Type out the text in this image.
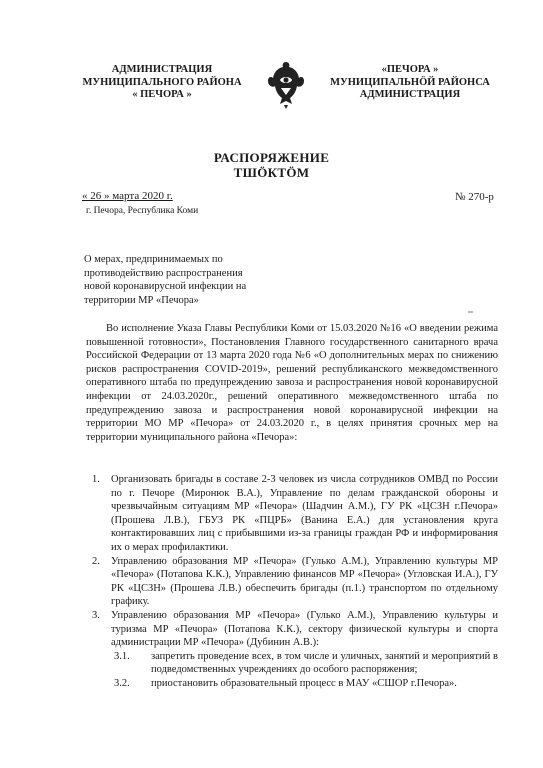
АДМИНИСТРАЦИЯ
МУНИЦИПАЛЬНОГО РАЙОНА
« ПЕЧОРА »
«ПЕЧОРА »
МУНИЦИПАЛЬНÖЙ РАЙОНСА
АДМИНИСТРАЦИЯ
РАСПОРЯЖЕНИЕ
ТШÖКТÖМ
« 26 » марта 2020 г.
г. Печора, Республика Коми
№ 270-р
О мерах, предпринимаемых по
противодействию распространения
новой коронавирусной инфекции на
территории МР «Печора»
Во исполнение Указа Главы Республики Коми от 15.03.2020 №16 «О введении режима повышенной готовности», Постановления Главного государственного санитарного врача Российской Федерации от 13 марта 2020 года №6 «О дополнительных мерах по снижению рисков распространения COVID-2019», решений республиканского межведомственного оперативного штаба по предупреждению завоза и распространения новой коронавирусной инфекции от 24.03.2020г., решений оперативного межведомственного штаба по предупреждению завоза и распространения новой коронавирусной инфекции на территории МО МР «Печора» от 24.03.2020 г., в целях принятия срочных мер на территории муниципального района «Печора»:
1. Организовать бригады в составе 2-3 человек из числа сотрудников ОМВД по России по г. Печоре (Миронюк В.А.), Управление по делам гражданской обороны и чрезвычайным ситуациям МР «Печора» (Шадчин А.М.), ГУ РК «ЦСЗН г.Печора» (Прошева Л.В.), ГБУЗ РК «ПЦРБ» (Ванина Е.А.) для установления круга контактировавших лиц с прибывшими из-за границы граждан РФ и информирования их о мерах профилактики.
2. Управлению образования МР «Печора» (Гулько А.М.), Управлению культуры МР «Печора» (Потапова К.К.), Управлению финансов МР «Печора» (Угловская И.А.), ГУ РК «ЦСЗН» (Прошева Л.В.) обеспечить бригады (п.1.) транспортом по отдельному графику.
3. Управлению образования МР «Печора» (Гулько А.М.), Управлению культуры и туризма МР «Печора» (Потапова К.К.), сектору физической культуры и спорта администрации МР «Печора» (Дубинин А.В.):
3.1. запретить проведение всех, в том числе и уличных, занятий и мероприятий в подведомственных учреждениях до особого распоряжения;
3.2. приостановить образовательный процесс в МАУ «СШОР г.Печора».
